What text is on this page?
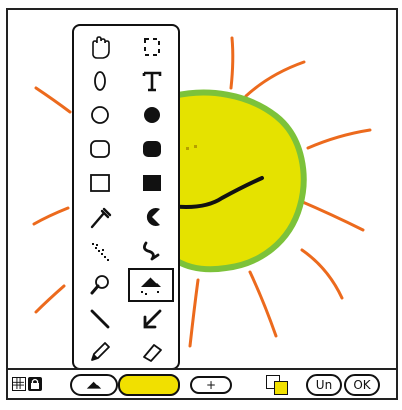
+	Un	OK
